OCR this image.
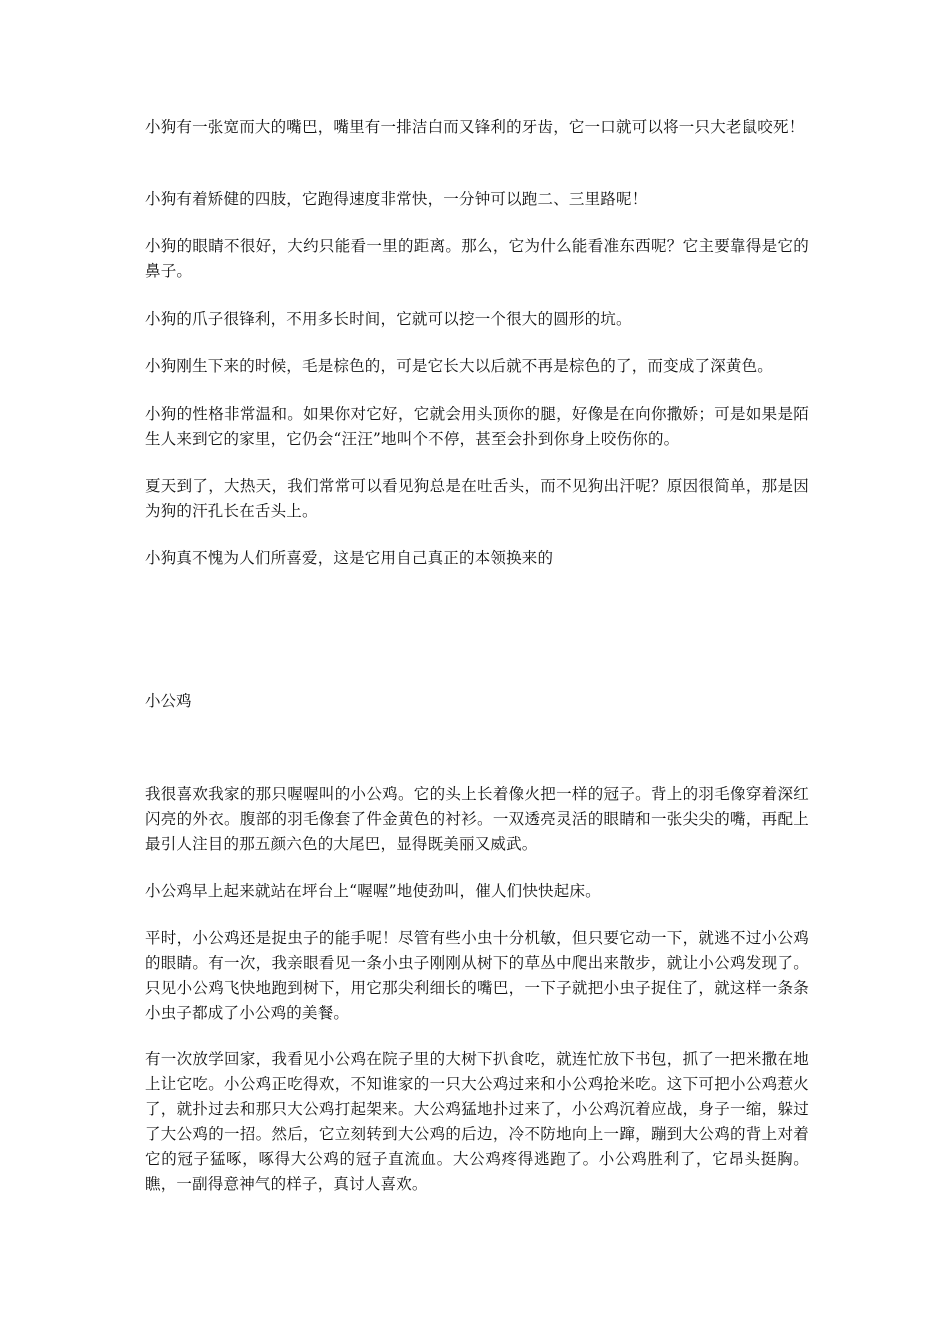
小狗有一张宽而大的嘴巴，嘴里有一排洁白而又锋利的牙齿，它一口就可以将一只大老鼠咬死！

小狗有着矫健的四肢，它跑得速度非常快，一分钟可以跑二、三里路呢！

小狗的眼睛不很好，大约只能看一里的距离。那么，它为什么能看准东西呢？它主要靠得是它的鼻子。

小狗的爪子很锋利，不用多长时间，它就可以挖一个很大的圆形的坑。

小狗刚生下来的时候，毛是棕色的，可是它长大以后就不再是棕色的了，而变成了深黄色。

小狗的性格非常温和。如果你对它好，它就会用头顶你的腿，好像是在向你撒娇；可是如果是陌生人来到它的家里，它仍会“汪汪”地叫个不停，甚至会扑到你身上咬伤你的。

夏天到了，大热天，我们常常可以看见狗总是在吐舌头，而不见狗出汗呢？原因很简单，那是因为狗的汗孔长在舌头上。

小狗真不愧为人们所喜爱，这是它用自己真正的本领换来的

小公鸡

我很喜欢我家的那只喔喔叫的小公鸡。它的头上长着像火把一样的冠子。背上的羽毛像穿着深红闪亮的外衣。腹部的羽毛像套了件金黄色的衬衫。一双透亮灵活的眼睛和一张尖尖的嘴，再配上最引人注目的那五颜六色的大尾巴，显得既美丽又威武。

小公鸡早上起来就站在坪台上“喔喔”地使劲叫，催人们快快起床。

平时，小公鸡还是捉虫子的能手呢！尽管有些小虫十分机敏，但只要它动一下，就逃不过小公鸡的眼睛。有一次，我亲眼看见一条小虫子刚刚从树下的草丛中爬出来散步，就让小公鸡发现了。只见小公鸡飞快地跑到树下，用它那尖利细长的嘴巴，一下子就把小虫子捉住了，就这样一条条小虫子都成了小公鸡的美餐。

有一次放学回家，我看见小公鸡在院子里的大树下扒食吃，就连忙放下书包，抓了一把米撒在地上让它吃。小公鸡正吃得欢，不知谁家的一只大公鸡过来和小公鸡抢米吃。这下可把小公鸡惹火了，就扑过去和那只大公鸡打起架来。大公鸡猛地扑过来了，小公鸡沉着应战，身子一缩，躲过了大公鸡的一招。然后，它立刻转到大公鸡的后边，冷不防地向上一蹿，蹦到大公鸡的背上对着它的冠子猛啄，啄得大公鸡的冠子直流血。大公鸡疼得逃跑了。小公鸡胜利了，它昂头挺胸。瞧，一副得意神气的样子，真讨人喜欢。
